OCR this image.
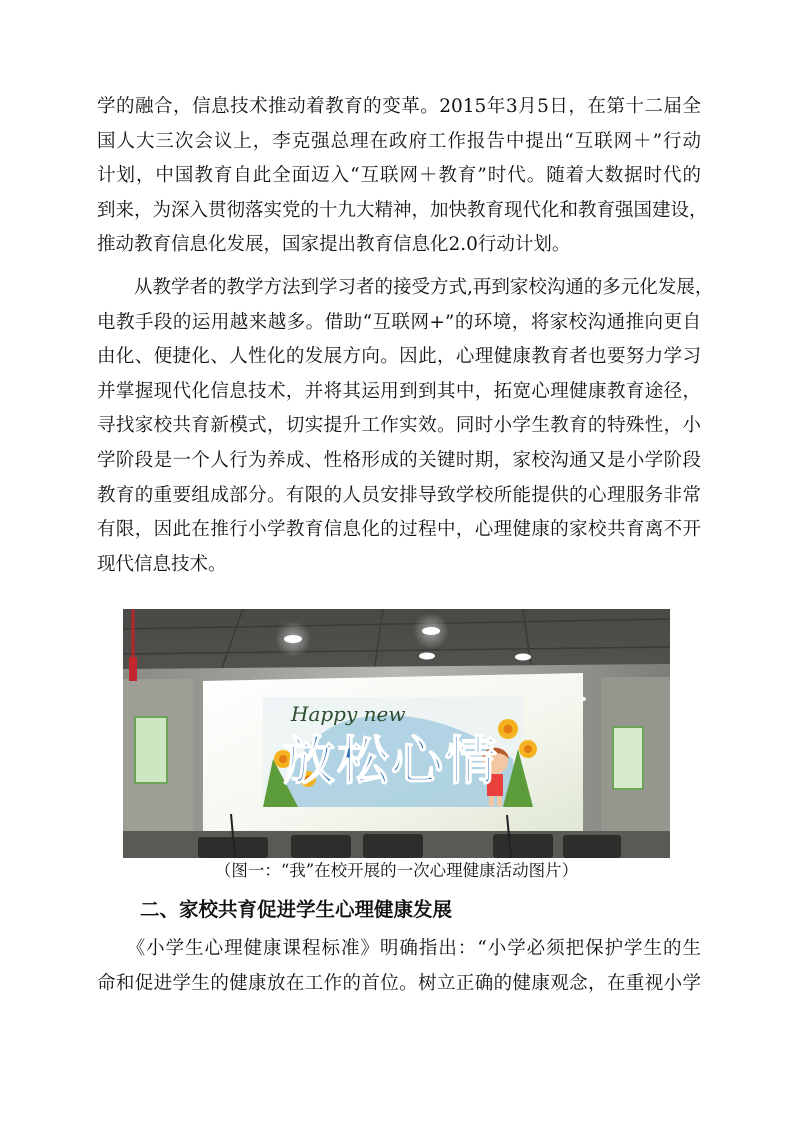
学的融合，信息技术推动着教育的变革。2015年3月5日，在第十二届全
国人大三次会议上，李克强总理在政府工作报告中提出“互联网＋”行动
计划，中国教育自此全面迈入“互联网＋教育”时代。随着大数据时代的
到来，为深入贯彻落实党的十九大精神，加快教育现代化和教育强国建设，
推动教育信息化发展，国家提出教育信息化2.0行动计划。
　　从教学者的教学方法到学习者的接受方式,再到家校沟通的多元化发展，
电教手段的运用越来越多。借助“互联网+”的环境，将家校沟通推向更自
由化、便捷化、人性化的发展方向。因此，心理健康教育者也要努力学习
并掌握现代化信息技术，并将其运用到到其中，拓宽心理健康教育途径，
寻找家校共育新模式，切实提升工作实效。同时小学生教育的特殊性，小
学阶段是一个人行为养成、性格形成的关键时期，家校沟通又是小学阶段
教育的重要组成部分。有限的人员安排导致学校所能提供的心理服务非常
有限，因此在推行小学教育信息化的过程中，心理健康的家校共育离不开
现代信息技术。
Happy new
放松心情
（图一：“我”在校开展的一次心理健康活动图片）
二、家校共育促进学生心理健康发展
　　《小学生心理健康课程标准》明确指出：“小学必须把保护学生的生
命和促进学生的健康放在工作的首位。树立正确的健康观念，在重视小学
